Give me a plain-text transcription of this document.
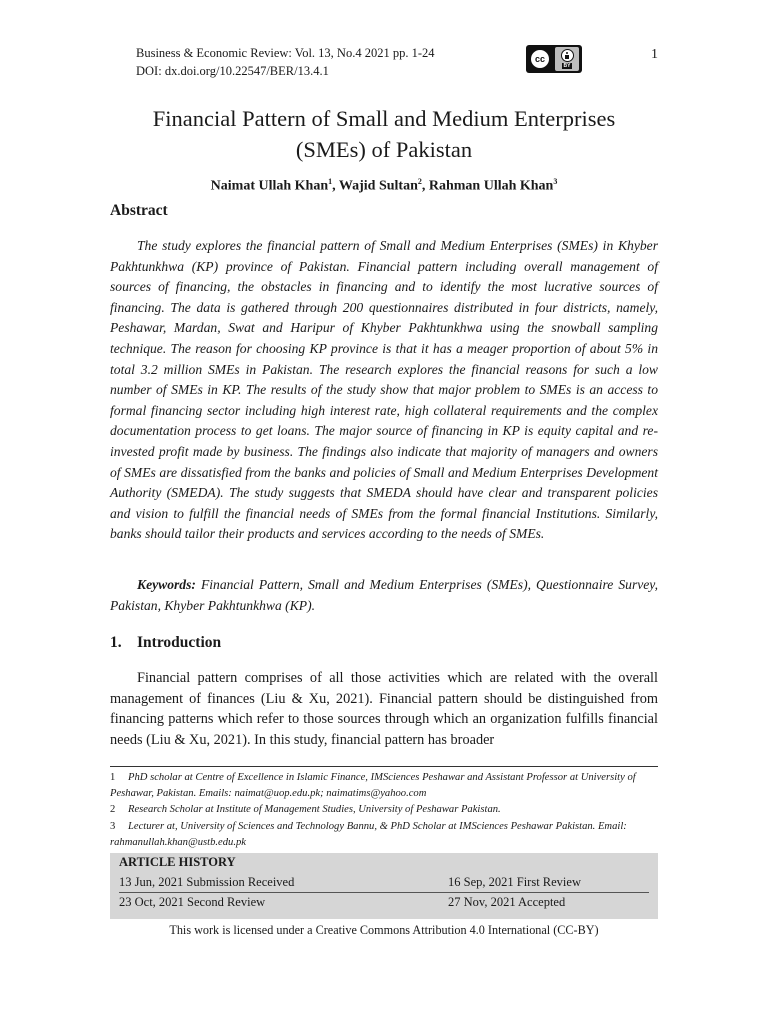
Business & Economic Review: Vol. 13, No.4 2021 pp. 1-24
DOI: dx.doi.org/10.22547/BER/13.4.1
cc
BY
1
Financial Pattern of Small and Medium Enterprises
(SMEs) of Pakistan
Naimat Ullah Khan$^1$, Wajid Sultan$^2$, Rahman Ullah Khan$^3$
Abstract
The study explores the financial pattern of Small and Medium Enterprises (SMEs) in Khyber Pakhtunkhwa (KP) province of Pakistan. Financial pattern including overall management of sources of financing, the obstacles in financing and to identify the most lucrative sources of financing. The data is gathered through 200 questionnaires distributed in four districts, namely, Peshawar, Mardan, Swat and Haripur of Khyber Pakhtunkhwa using the snowball sampling technique. The reason for choosing KP province is that it has a meager proportion of about 5% in total 3.2 million SMEs in Pakistan. The research explores the financial reasons for such a low number of SMEs in KP. The results of the study show that major problem to SMEs is an access to formal financing sector including high interest rate, high collateral requirements and the complex documentation process to get loans. The major source of financing in KP is equity capital and re-invested profit made by business. The findings also indicate that majority of managers and owners of SMEs are dissatisfied from the banks and policies of Small and Medium Enterprises Development Authority (SMEDA). The study suggests that SMEDA should have clear and transparent policies and vision to fulfill the financial needs of SMEs from the formal financial Institutions. Similarly, banks should tailor their products and services according to the needs of SMEs.
Keywords: Financial Pattern, Small and Medium Enterprises (SMEs), Questionnaire Survey, Pakistan, Khyber Pakhtunkhwa (KP).
1. Introduction
Financial pattern comprises of all those activities which are related with the overall management of finances (Liu & Xu, 2021). Financial pattern should be distinguished from financing patterns which refer to those sources through which an organization fulfills financial needs (Liu & Xu, 2021). In this study, financial pattern has broader
1 PhD scholar at Centre of Excellence in Islamic Finance, IMSciences Peshawar and Assistant Professor at University of Peshawar, Pakistan. Emails: naimat@uop.edu.pk; naimatims@yahoo.com
2 Research Scholar at Institute of Management Studies, University of Peshawar Pakistan.
3 Lecturer at, University of Sciences and Technology Bannu, & PhD Scholar at IMSciences Peshawar Pakistan. Email: rahmanullah.khan@ustb.edu.pk
ARTICLE HISTORY
13 Jun, 2021 Submission Received	16 Sep, 2021 First Review
23 Oct, 2021 Second Review	27 Nov, 2021 Accepted
This work is licensed under a Creative Commons Attribution 4.0 International (CC-BY)
